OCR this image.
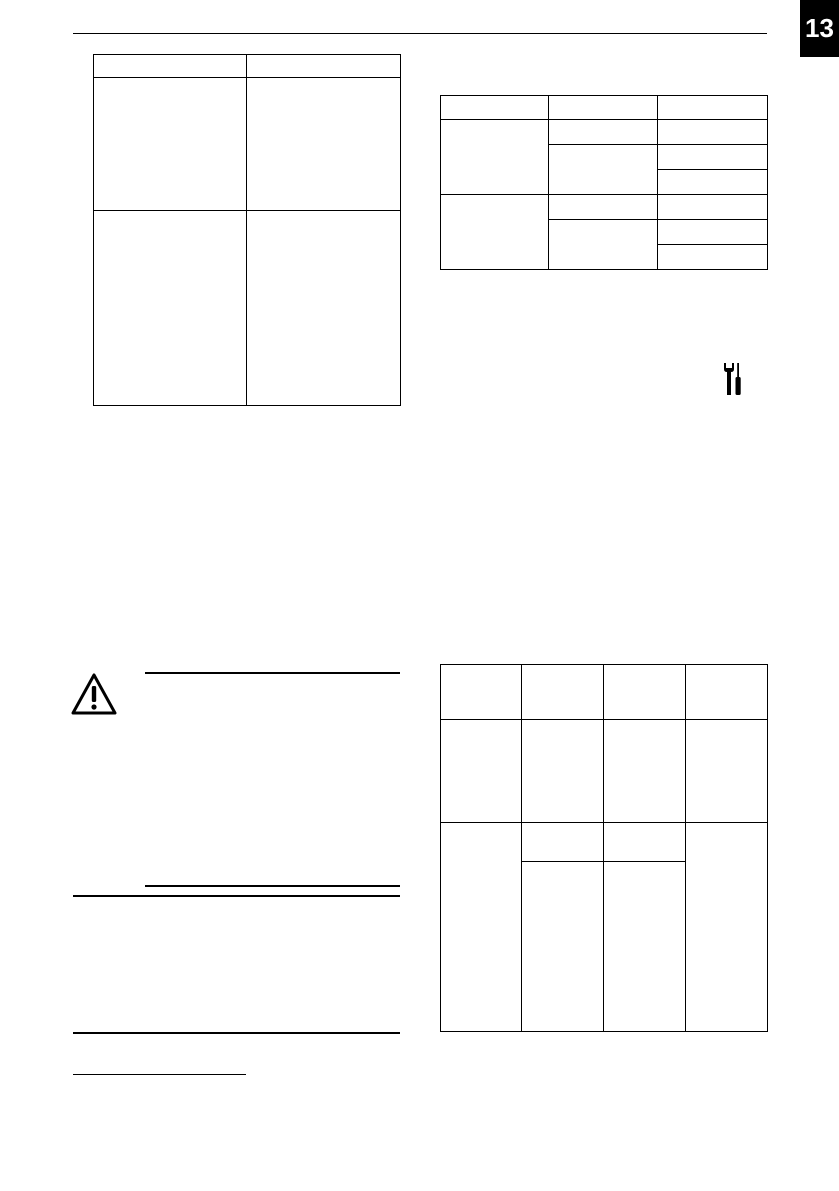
13
